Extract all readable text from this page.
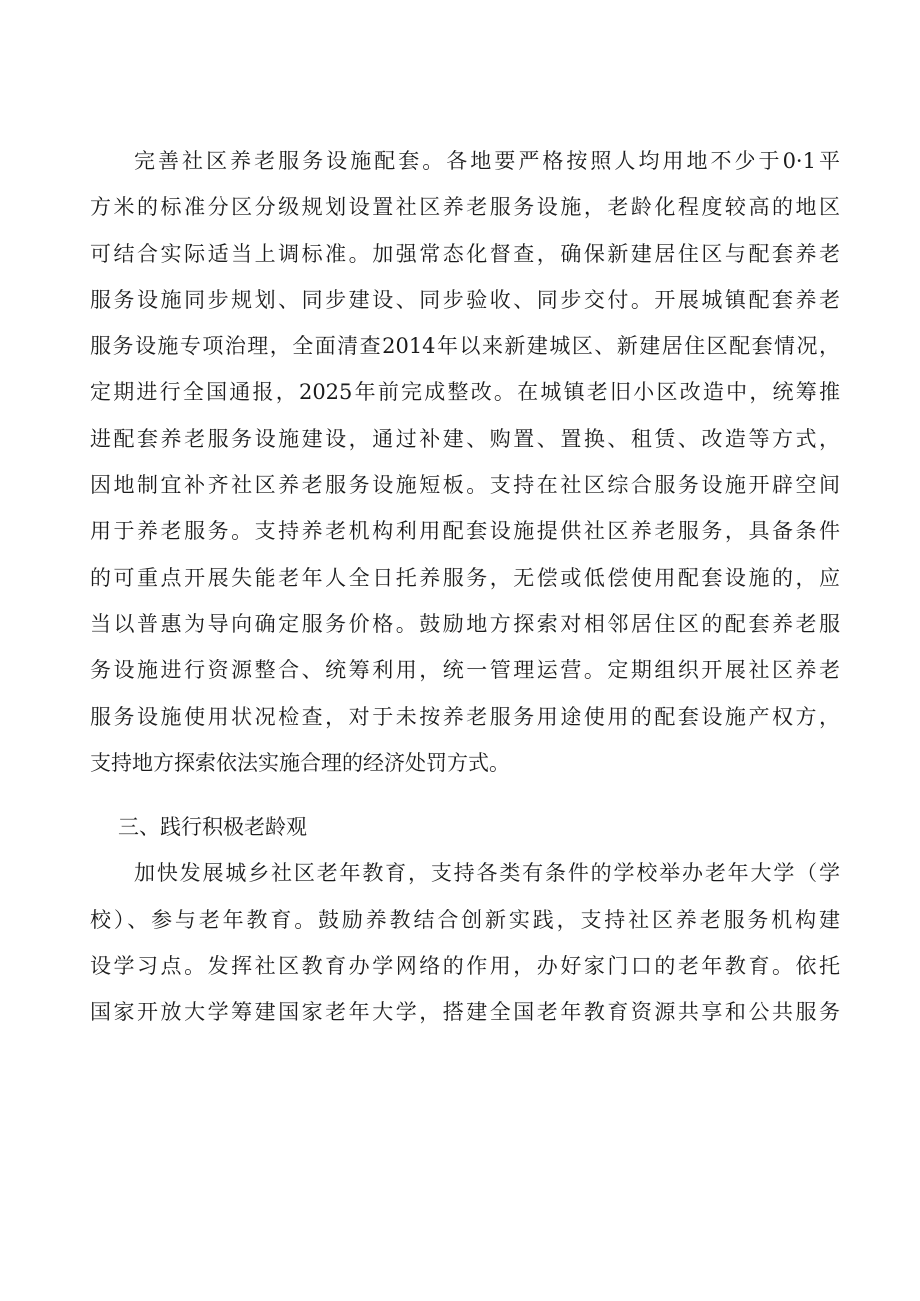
完善社区养老服务设施配套。各地要严格按照人均用地不少于0·1平
方米的标准分区分级规划设置社区养老服务设施，老龄化程度较高的地区
可结合实际适当上调标准。加强常态化督查，确保新建居住区与配套养老
服务设施同步规划、同步建设、同步验收、同步交付。开展城镇配套养老
服务设施专项治理，全面清查2014年以来新建城区、新建居住区配套情况，
定期进行全国通报，2025年前完成整改。在城镇老旧小区改造中，统筹推
进配套养老服务设施建设，通过补建、购置、置换、租赁、改造等方式，
因地制宜补齐社区养老服务设施短板。支持在社区综合服务设施开辟空间
用于养老服务。支持养老机构利用配套设施提供社区养老服务，具备条件
的可重点开展失能老年人全日托养服务，无偿或低偿使用配套设施的，应
当以普惠为导向确定服务价格。鼓励地方探索对相邻居住区的配套养老服
务设施进行资源整合、统筹利用，统一管理运营。定期组织开展社区养老
服务设施使用状况检查，对于未按养老服务用途使用的配套设施产权方，
支持地方探索依法实施合理的经济处罚方式。
三、践行积极老龄观
加快发展城乡社区老年教育，支持各类有条件的学校举办老年大学（学
校）、参与老年教育。鼓励养教结合创新实践，支持社区养老服务机构建
设学习点。发挥社区教育办学网络的作用，办好家门口的老年教育。依托
国家开放大学筹建国家老年大学，搭建全国老年教育资源共享和公共服务
